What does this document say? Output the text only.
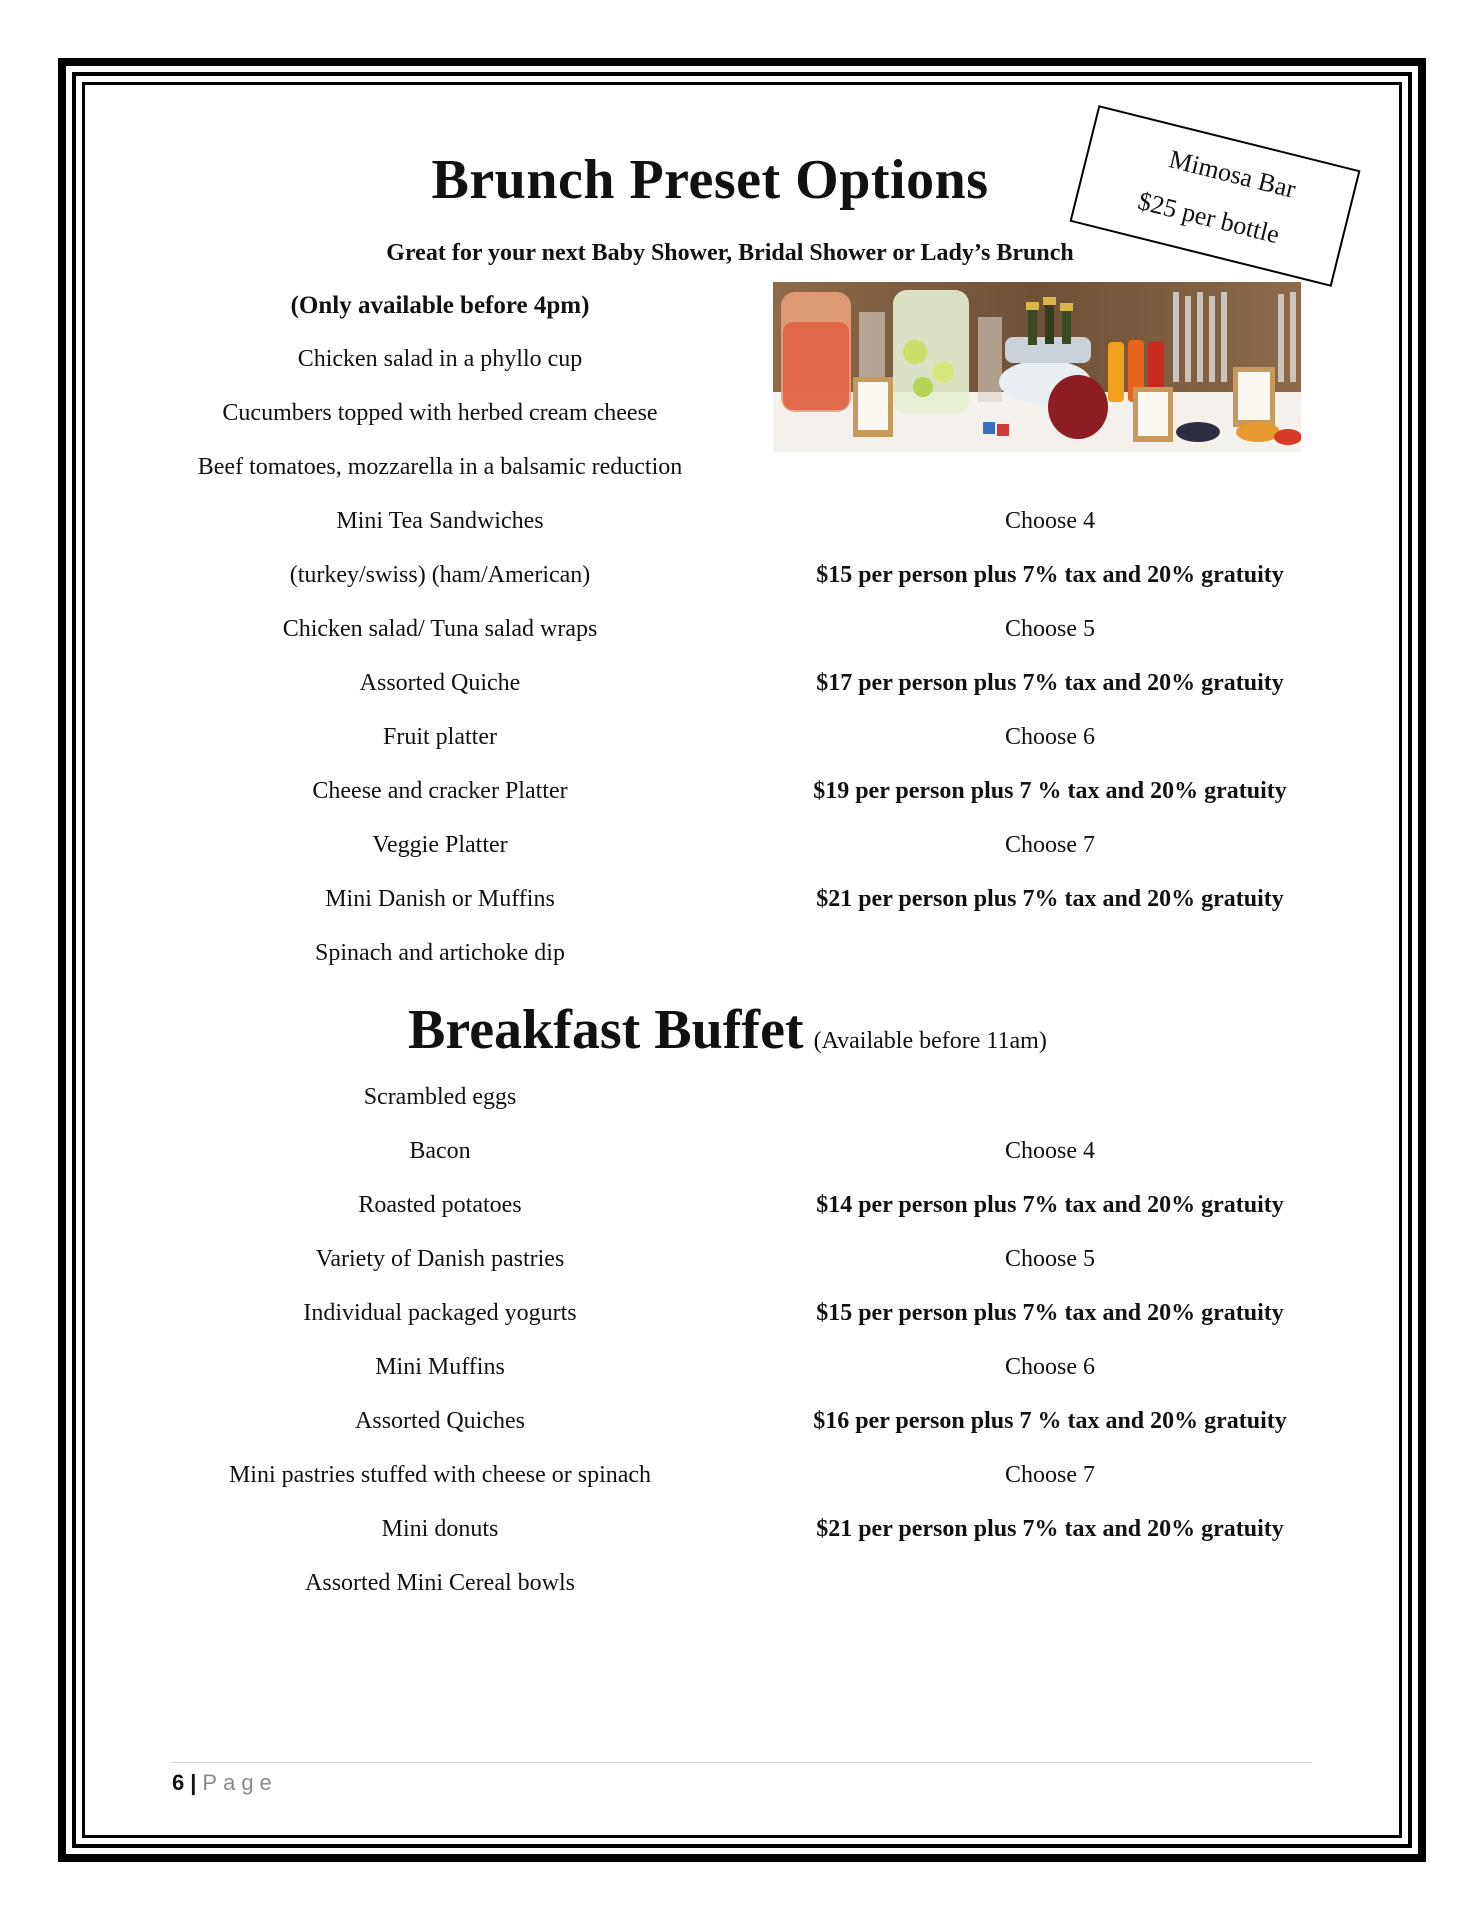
Brunch Preset Options
Great for your next Baby Shower, Bridal Shower or Lady’s Brunch
(Only available before 4pm)
Chicken salad in a phyllo cup
Cucumbers topped with herbed cream cheese
Beef tomatoes, mozzarella in a balsamic reduction
Mini Tea Sandwiches
(turkey/swiss) (ham/American)
Chicken salad/ Tuna salad wraps
Assorted Quiche
Fruit platter
Cheese and cracker Platter
Veggie Platter
Mini Danish or Muffins
Spinach and artichoke dip
Choose 4
$15 per person plus 7% tax and 20% gratuity
Choose 5
$17 per person plus 7% tax and 20% gratuity
Choose 6
$19 per person plus 7 % tax and 20% gratuity
Choose 7
$21 per person plus 7% tax and 20% gratuity
Mimosa Bar
$25 per bottle
Breakfast Buffet (Available before 11am)
Scrambled eggs
Bacon
Roasted potatoes
Variety of Danish pastries
Individual packaged yogurts
Mini Muffins
Assorted Quiches
Mini pastries stuffed with cheese or spinach
Mini donuts
Assorted Mini Cereal bowls
Choose 4
$14 per person plus 7% tax and 20% gratuity
Choose 5
$15 per person plus 7% tax and 20% gratuity
Choose 6
$16 per person plus 7 % tax and 20% gratuity
Choose 7
$21 per person plus 7% tax and 20% gratuity
6 | Page
